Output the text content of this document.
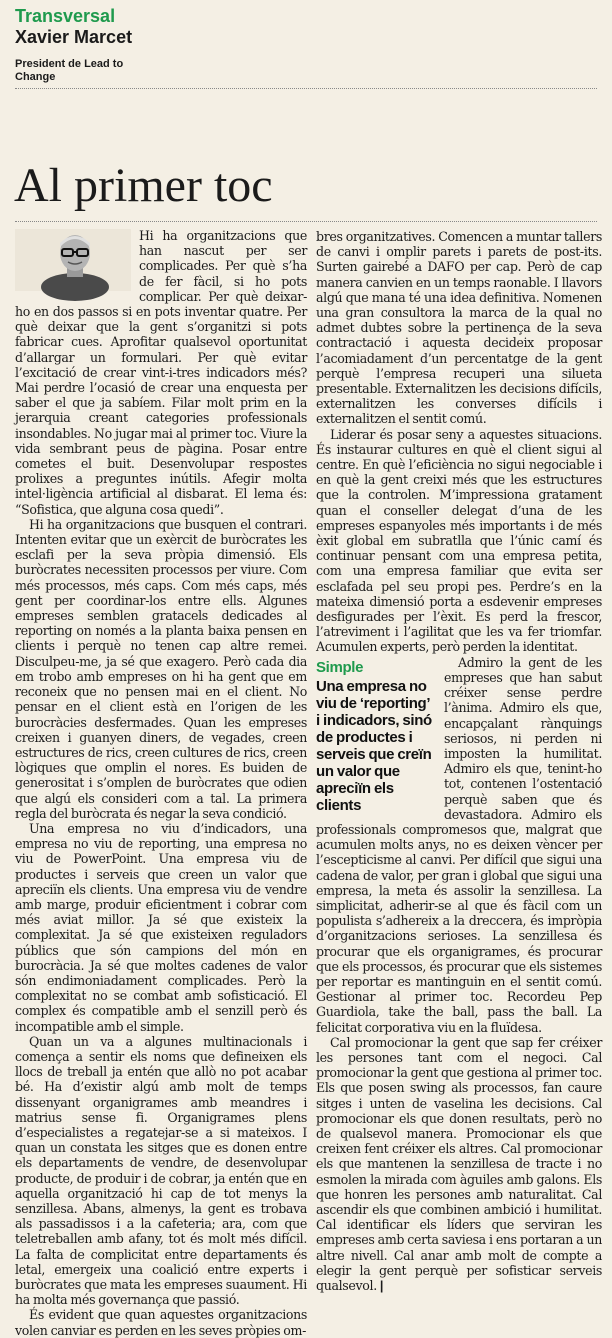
Transversal
Xavier Marcet
President de Lead to Change
Al primer toc

Hi ha organitzacions que han nascut per ser complicades. Per què s’ha de fer fàcil, si ho pots complicar. Per què deixar-ho en dos passos si en pots inventar quatre. Per què deixar que la gent s’organitzi si pots fabricar cues. Aprofitar qualsevol oportunitat d’allargar un formulari. Per què evitar l’excitació de crear vint-i-tres indicadors més? Mai perdre l’ocasió de crear una enquesta per saber el que ja sabíem. Filar molt prim en la jerarquia creant categories professionals insondables. No jugar mai al primer toc. Viure la vida sembrant peus de pàgina. Posar entre cometes el buit. Desenvolupar respostes prolixes a preguntes inútils. Afegir molta intel·ligència artificial al disbarat. El lema és: “Sofistica, que alguna cosa quedi”.

Hi ha organitzacions que busquen el contrari. Intenten evitar que un exèrcit de buròcrates les esclafi per la seva pròpia dimensió. Els buròcrates necessiten processos per viure. Com més processos, més caps. Com més caps, més gent per coordinar-los entre ells. Algunes empreses semblen gratacels dedicades al reporting on només a la planta baixa pensen en clients i perquè no tenen cap altre remei. Disculpeu-me, ja sé que exagero. Però cada dia em trobo amb empreses on hi ha gent que em reconeix que no pensen mai en el client. No pensar en el client està en l’origen de les burocràcies desfermades. Quan les empreses creixen i guanyen diners, de vegades, creen estructures de rics, creen cultures de rics, creen lògiques que omplin el nores. Es buiden de generositat i s’omplen de buròcrates que odien que algú els consideri com a tal. La primera regla del buròcrata és negar la seva condició.

Una empresa no viu d’indicadors, una empresa no viu de reporting, una empresa no viu de PowerPoint. Una empresa viu de productes i serveis que creen un valor que apreciïn els clients. Una empresa viu de vendre amb marge, produir eficientment i cobrar com més aviat millor. Ja sé que existeix la complexitat. Ja sé que existeixen reguladors públics que són campions del món en burocràcia. Ja sé que moltes cadenes de valor són endimoniadament complicades. Però la complexitat no se combat amb sofisticació. El complex és compatible amb el senzill però és incompatible amb el simple.

Quan un va a algunes multinacionals i comença a sentir els noms que defineixen els llocs de treball ja entén que allò no pot acabar bé. Ha d’existir algú amb molt de temps dissenyant organigrames amb meandres i matrius sense fi. Organigrames plens d’especialistes a regatejar-se a si mateixos. I quan un constata les sitges que es donen entre els departaments de vendre, de desenvolupar producte, de produir i de cobrar, ja entén que en aquella organització hi cap de tot menys la senzillesa. Abans, almenys, la gent es trobava als passadissos i a la cafeteria; ara, com que teletreballen amb afany, tot és molt més difícil. La falta de complicitat entre departaments és letal, emergeix una coalició entre experts i buròcrates que mata les empreses suaument. Hi ha molta més governança que passió.

És evident que quan aquestes organitzacions volen canviar es perden en les seves pròpies om-

bres organitzatives. Comencen a muntar tallers de canvi i omplir parets i parets de post-its. Surten gairebé a DAFO per cap. Però de cap manera canvien en un temps raonable. I llavors algú que mana té una idea definitiva. Nomenen una gran consultora la marca de la qual no admet dubtes sobre la pertinença de la seva contractació i aquesta decideix proposar l’acomiadament d’un percentatge de la gent perquè l’empresa recuperi una silueta presentable. Externalitzen les decisions difícils, externalitzen les converses difícils i externalitzen el sentit comú.

Liderar és posar seny a aquestes situacions. És instaurar cultures en què el client sigui al centre. En què l’eficiència no sigui negociable i en què la gent creixi més que les estructures que la controlen. M’impressiona gratament quan el conseller delegat d’una de les empreses espanyoles més importants i de més èxit global em subratlla que l’únic camí és continuar pensant com una empresa petita, com una empresa familiar que evita ser esclafada pel seu propi pes. Perdre’s en la mateixa dimensió porta a esdevenir empreses desfigurades per l’èxit. Es perd la frescor, l’atreviment i l’agilitat que les va fer triomfar. Acumulen experts, però perden la identitat.

Simple
Una empresa no viu de ‘reporting’ i indicadors, sinó de productes i serveis que creïn un valor que apreciïn els clients

Admiro la gent de les empreses que han sabut créixer sense perdre l’ànima. Admiro els que, encapçalant rànquings seriosos, ni perden ni imposten la humilitat. Admiro els que, tenint-ho tot, contenen l’ostentació perquè saben que és devastadora. Admiro els professionals compromesos que, malgrat que acumulen molts anys, no es deixen vèncer per l’escepticisme al canvi. Per difícil que sigui una cadena de valor, per gran i global que sigui una empresa, la meta és assolir la senzillesa. La simplicitat, adherir-se al que és fàcil com un populista s’adhereix a la dreccera, és impròpia d’organitzacions serioses. La senzillesa és procurar que els organigrames, és procurar que els processos, és procurar que els sistemes per reportar es mantinguin en el sentit comú. Gestionar al primer toc. Recordeu Pep Guardiola, take the ball, pass the ball. La felicitat corporativa viu en la fluïdesa.

Cal promocionar la gent que sap fer créixer les persones tant com el negoci. Cal promocionar la gent que gestiona al primer toc. Els que posen swing als processos, fan caure sitges i unten de vaselina les decisions. Cal promocionar els que donen resultats, però no de qualsevol manera. Promocionar els que creixen fent créixer els altres. Cal promocionar els que mantenen la senzillesa de tracte i no esmolen la mirada com àguiles amb galons. Els que honren les persones amb naturalitat. Cal ascendir els que combinen ambició i humilitat. Cal identificar els líders que serviran les empreses amb certa saviesa i ens portaran a un altre nivell. Cal anar amb molt de compte a elegir la gent perquè per sofisticar serveis qualsevol. |
